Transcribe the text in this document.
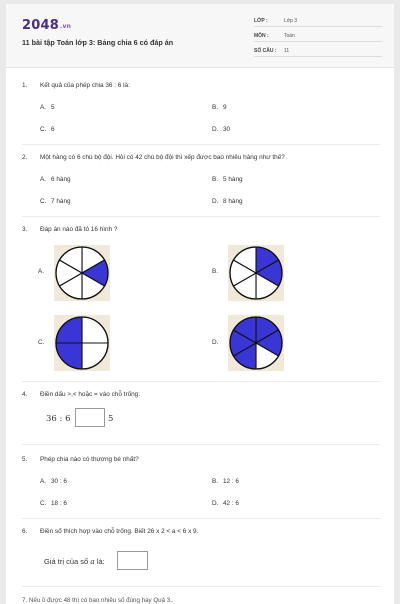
2048.vn
11 bài tập Toán lớp 3: Bảng chia 6 có đáp án
LỚP :	Lớp 3
MÔN :	Toán
SỐ CÂU : 11
1. Kết quả của phép chia 36 : 6 là:
A. 5	B. 9
C. 6	D. 30
2. Một hàng có 6 chú bộ đội. Hỏi có 42 chú bộ đội thì xếp được bao nhiêu hàng như thế?
A. 6 hàng	B. 5 hàng
C. 7 hàng	D. 8 hàng
3. Đáp án nào đã tô 16 hình ?
A.	B.
C.	D.
4. Điền dấu >,< hoặc = vào chỗ trống:
36 : 6	5
5. Phép chia nào có thương bé nhất?
A. 30 : 6	B. 12 : 6
C. 18 : 6	D. 42 : 6
6. Điền số thích hợp vào chỗ trống. Biết 26 x 2 < a < 6 x 9.
Giá trị của số a là:
7. Nếu ồ được 48 thì có bao nhiêu số đúng hay Quả 3..
